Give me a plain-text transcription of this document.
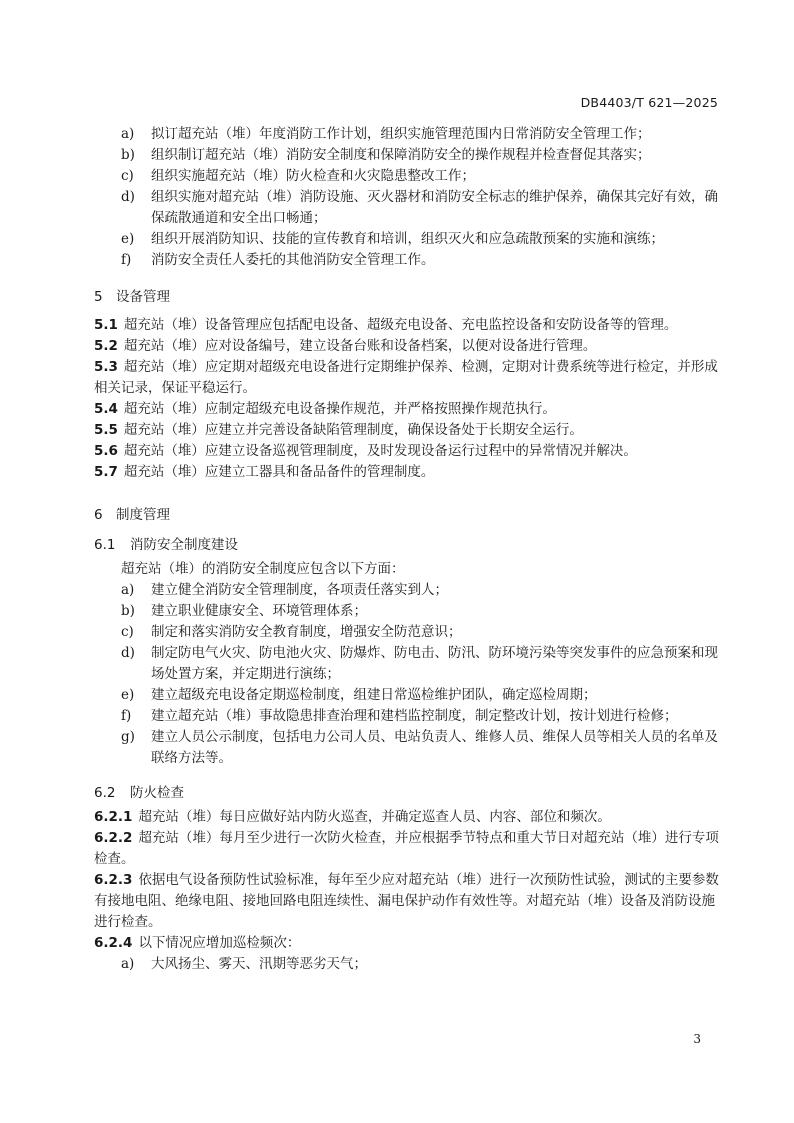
DB4403/T 621—2025
a)	拟订超充站（堆）年度消防工作计划，组织实施管理范围内日常消防安全管理工作；
b)	组织制订超充站（堆）消防安全制度和保障消防安全的操作规程并检查督促其落实；
c)	组织实施超充站（堆）防火检查和火灾隐患整改工作；
d)	组织实施对超充站（堆）消防设施、灭火器材和消防安全标志的维护保养，确保其完好有效，确保疏散通道和安全出口畅通；
e)	组织开展消防知识、技能的宣传教育和培训，组织灭火和应急疏散预案的实施和演练；
f)	消防安全责任人委托的其他消防安全管理工作。
5 设备管理
5.1 超充站（堆）设备管理应包括配电设备、超级充电设备、充电监控设备和安防设备等的管理。
5.2 超充站（堆）应对设备编号，建立设备台账和设备档案，以便对设备进行管理。
5.3 超充站（堆）应定期对超级充电设备进行定期维护保养、检测，定期对计费系统等进行检定，并形成相关记录，保证平稳运行。
5.4 超充站（堆）应制定超级充电设备操作规范，并严格按照操作规范执行。
5.5 超充站（堆）应建立并完善设备缺陷管理制度，确保设备处于长期安全运行。
5.6 超充站（堆）应建立设备巡视管理制度，及时发现设备运行过程中的异常情况并解决。
5.7 超充站（堆）应建立工器具和备品备件的管理制度。
6 制度管理
6.1 消防安全制度建设
超充站（堆）的消防安全制度应包含以下方面：
a)	建立健全消防安全管理制度，各项责任落实到人；
b)	建立职业健康安全、环境管理体系；
c)	制定和落实消防安全教育制度，增强安全防范意识；
d)	制定防电气火灾、防电池火灾、防爆炸、防电击、防汛、防环境污染等突发事件的应急预案和现场处置方案，并定期进行演练；
e)	建立超级充电设备定期巡检制度，组建日常巡检维护团队，确定巡检周期；
f)	建立超充站（堆）事故隐患排查治理和建档监控制度，制定整改计划，按计划进行检修；
g)	建立人员公示制度，包括电力公司人员、电站负责人、维修人员、维保人员等相关人员的名单及联络方法等。
6.2 防火检查
6.2.1 超充站（堆）每日应做好站内防火巡查，并确定巡查人员、内容、部位和频次。
6.2.2 超充站（堆）每月至少进行一次防火检查，并应根据季节特点和重大节日对超充站（堆）进行专项检查。
6.2.3 依据电气设备预防性试验标准，每年至少应对超充站（堆）进行一次预防性试验，测试的主要参数有接地电阻、绝缘电阻、接地回路电阻连续性、漏电保护动作有效性等。对超充站（堆）设备及消防设施进行检查。
6.2.4 以下情况应增加巡检频次：
a)	大风扬尘、雾天、汛期等恶劣天气；
3
